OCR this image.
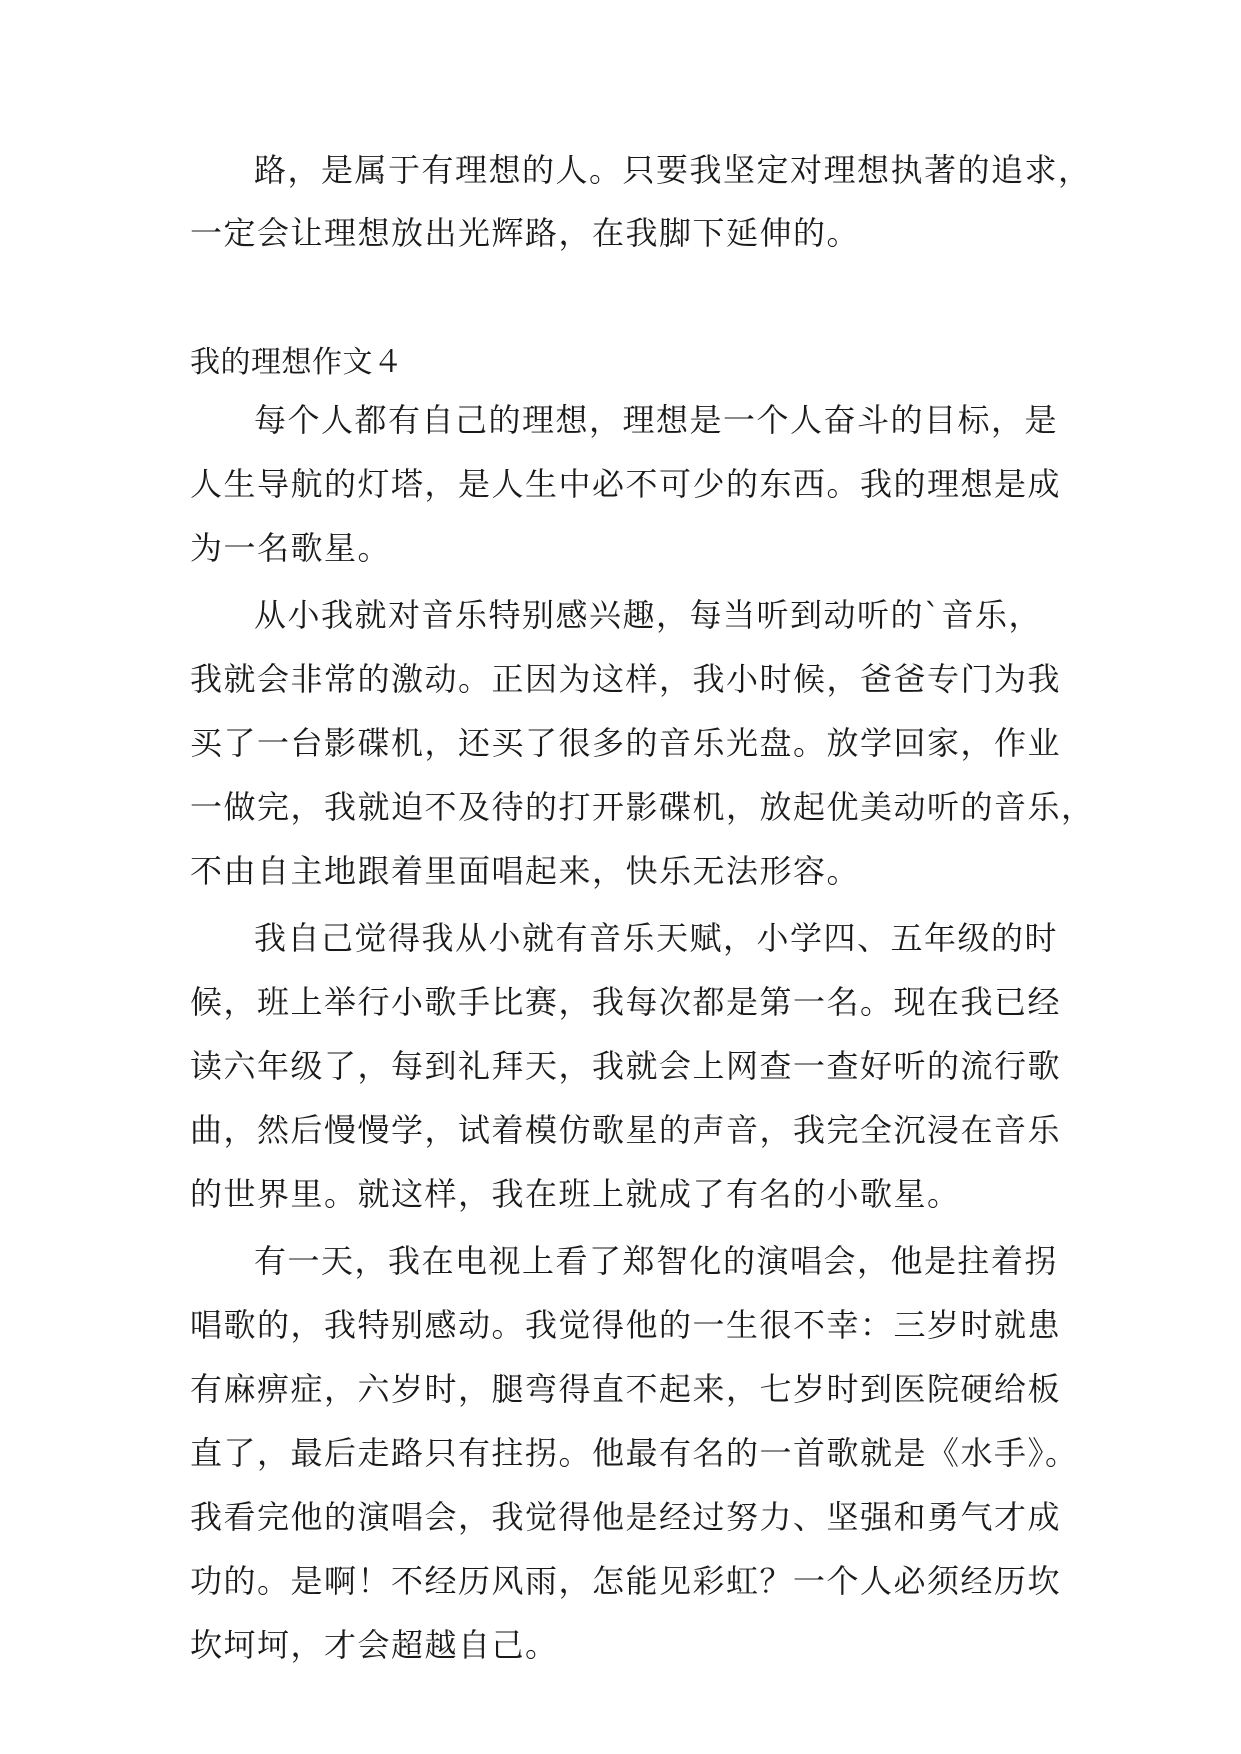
路，是属于有理想的人。只要我坚定对理想执著的追求，
一定会让理想放出光辉路，在我脚下延伸的。
我的理想作文４
每个人都有自己的理想，理想是一个人奋斗的目标，是
人生导航的灯塔，是人生中必不可少的东西。我的理想是成
为一名歌星。
从小我就对音乐特别感兴趣，每当听到动听的`音乐，
我就会非常的激动。正因为这样，我小时候，爸爸专门为我
买了一台影碟机，还买了很多的音乐光盘。放学回家，作业
一做完，我就迫不及待的打开影碟机，放起优美动听的音乐，
不由自主地跟着里面唱起来，快乐无法形容。
我自己觉得我从小就有音乐天赋，小学四、五年级的时
候，班上举行小歌手比赛，我每次都是第一名。现在我已经
读六年级了，每到礼拜天，我就会上网查一查好听的流行歌
曲，然后慢慢学，试着模仿歌星的声音，我完全沉浸在音乐
的世界里。就这样，我在班上就成了有名的小歌星。
有一天，我在电视上看了郑智化的演唱会，他是拄着拐
唱歌的，我特别感动。我觉得他的一生很不幸：三岁时就患
有麻痹症，六岁时，腿弯得直不起来，七岁时到医院硬给板
直了，最后走路只有拄拐。他最有名的一首歌就是《水手》。
我看完他的演唱会，我觉得他是经过努力、坚强和勇气才成
功的。是啊！不经历风雨，怎能见彩虹？一个人必须经历坎
坎坷坷，才会超越自己。
